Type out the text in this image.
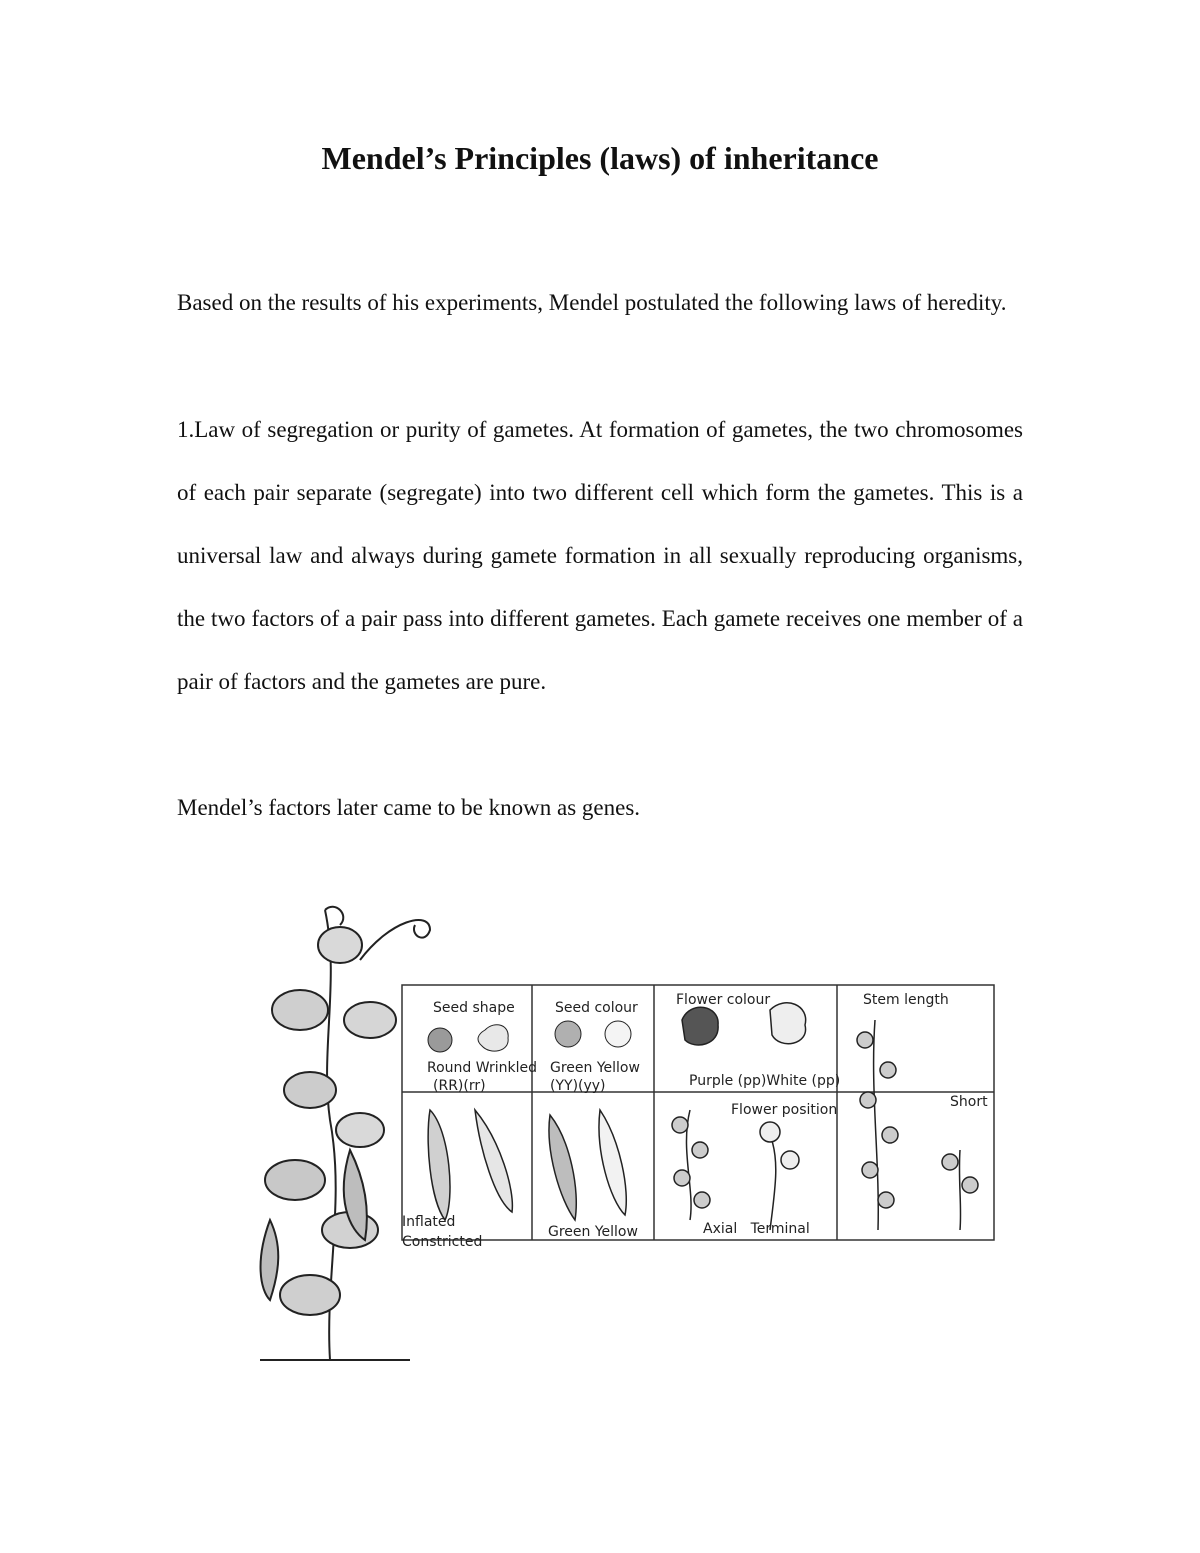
Mendel’s Principles (laws) of inheritance

Based on the results of his experiments, Mendel postulated the following laws of heredity.

1.Law of segregation or purity of gametes. At formation of gametes, the two chromosomes of each pair separate (segregate) into two different cell which form the gametes. This is a universal law and always during gamete formation in all sexually reproducing organisms, the two factors of a pair pass into different gametes. Each gamete receives one member of a pair of factors and the gametes are pure.

Mendel’s factors later came to be known as genes.

Seed shape
Round Wrinkled
(RR)(rr)
Seed colour
Green Yellow
(YY)(yy)
Flower colour
Purple (pp)White (pp)
Stem length
Short
Flower position
Inflated
Constricted
Green Yellow	Axial   Terminal
